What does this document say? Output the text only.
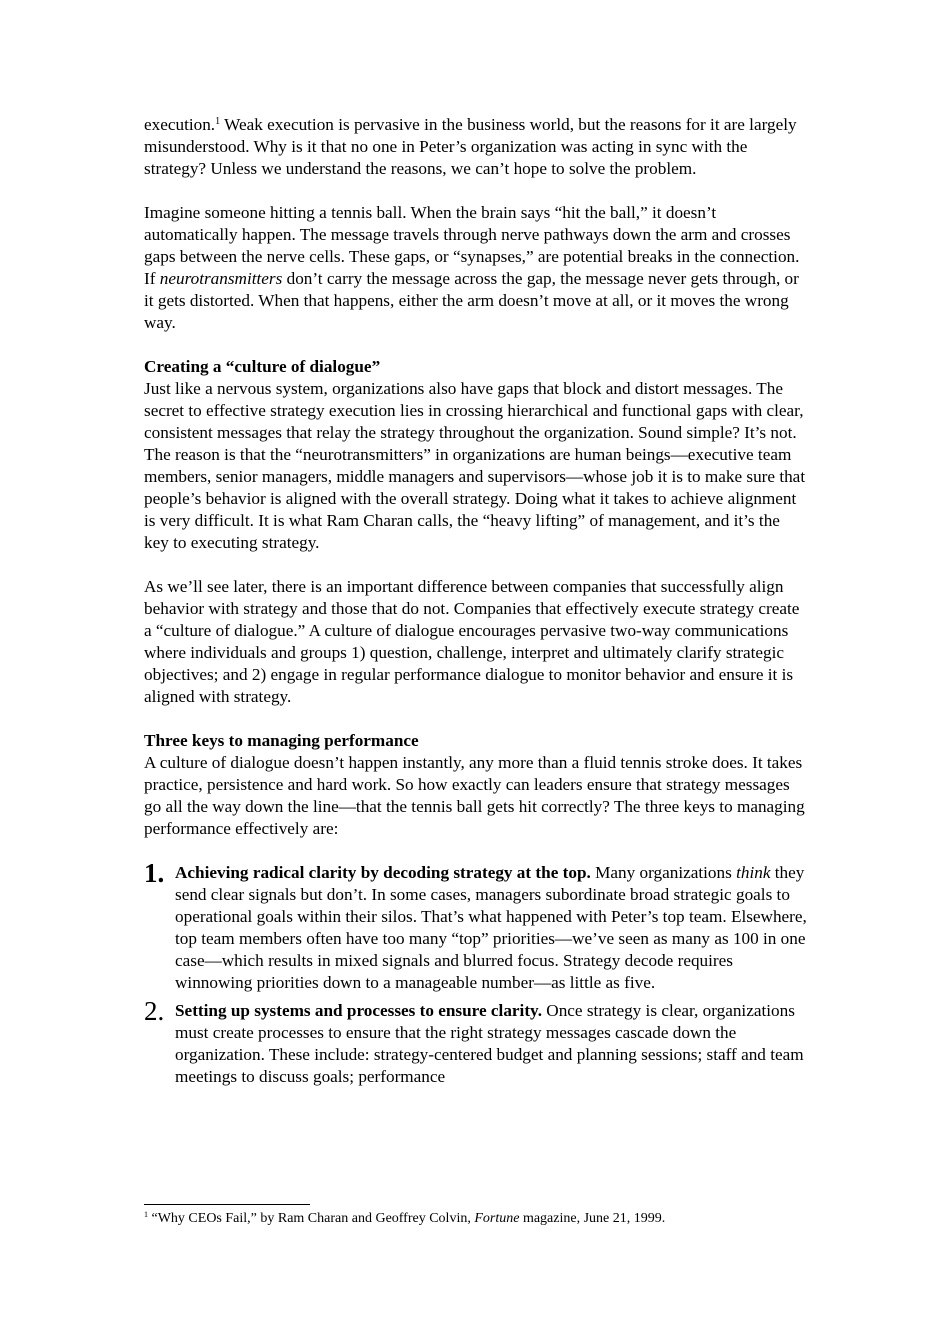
execution.$^1$ Weak execution is pervasive in the business world, but the reasons for it are largely misunderstood. Why is it that no one in Peter’s organization was acting in sync with the strategy? Unless we understand the reasons, we can’t hope to solve the problem.

Imagine someone hitting a tennis ball. When the brain says “hit the ball,” it doesn’t automatically happen. The message travels through nerve pathways down the arm and crosses gaps between the nerve cells. These gaps, or “synapses,” are potential breaks in the connection. If neurotransmitters don’t carry the message across the gap, the message never gets through, or it gets distorted. When that happens, either the arm doesn’t move at all, or it moves the wrong way.

Creating a “culture of dialogue”

Just like a nervous system, organizations also have gaps that block and distort messages. The secret to effective strategy execution lies in crossing hierarchical and functional gaps with clear, consistent messages that relay the strategy throughout the organization. Sound simple? It’s not. The reason is that the “neurotransmitters” in organizations are human beings—executive team members, senior managers, middle managers and supervisors—whose job it is to make sure that people’s behavior is aligned with the overall strategy. Doing what it takes to achieve alignment is very difficult. It is what Ram Charan calls, the “heavy lifting” of management, and it’s the key to executing strategy.

As we’ll see later, there is an important difference between companies that successfully align behavior with strategy and those that do not. Companies that effectively execute strategy create a “culture of dialogue.” A culture of dialogue encourages pervasive two-way communications where individuals and groups 1) question, challenge, interpret and ultimately clarify strategic objectives; and 2) engage in regular performance dialogue to monitor behavior and ensure it is aligned with strategy.

Three keys to managing performance

A culture of dialogue doesn’t happen instantly, any more than a fluid tennis stroke does. It takes practice, persistence and hard work. So how exactly can leaders ensure that strategy messages go all the way down the line—that the tennis ball gets hit correctly? The three keys to managing performance effectively are:

1. Achieving radical clarity by decoding strategy at the top. Many organizations think they send clear signals but don’t. In some cases, managers subordinate broad strategic goals to operational goals within their silos. That’s what happened with Peter’s top team. Elsewhere, top team members often have too many “top” priorities—we’ve seen as many as 100 in one case—which results in mixed signals and blurred focus. Strategy decode requires winnowing priorities down to a manageable number—as little as five.
2. Setting up systems and processes to ensure clarity. Once strategy is clear, organizations must create processes to ensure that the right strategy messages cascade down the organization. These include: strategy-centered budget and planning sessions; staff and team meetings to discuss goals; performance
$^1$ “Why CEOs Fail,” by Ram Charan and Geoffrey Colvin, Fortune magazine, June 21, 1999.
